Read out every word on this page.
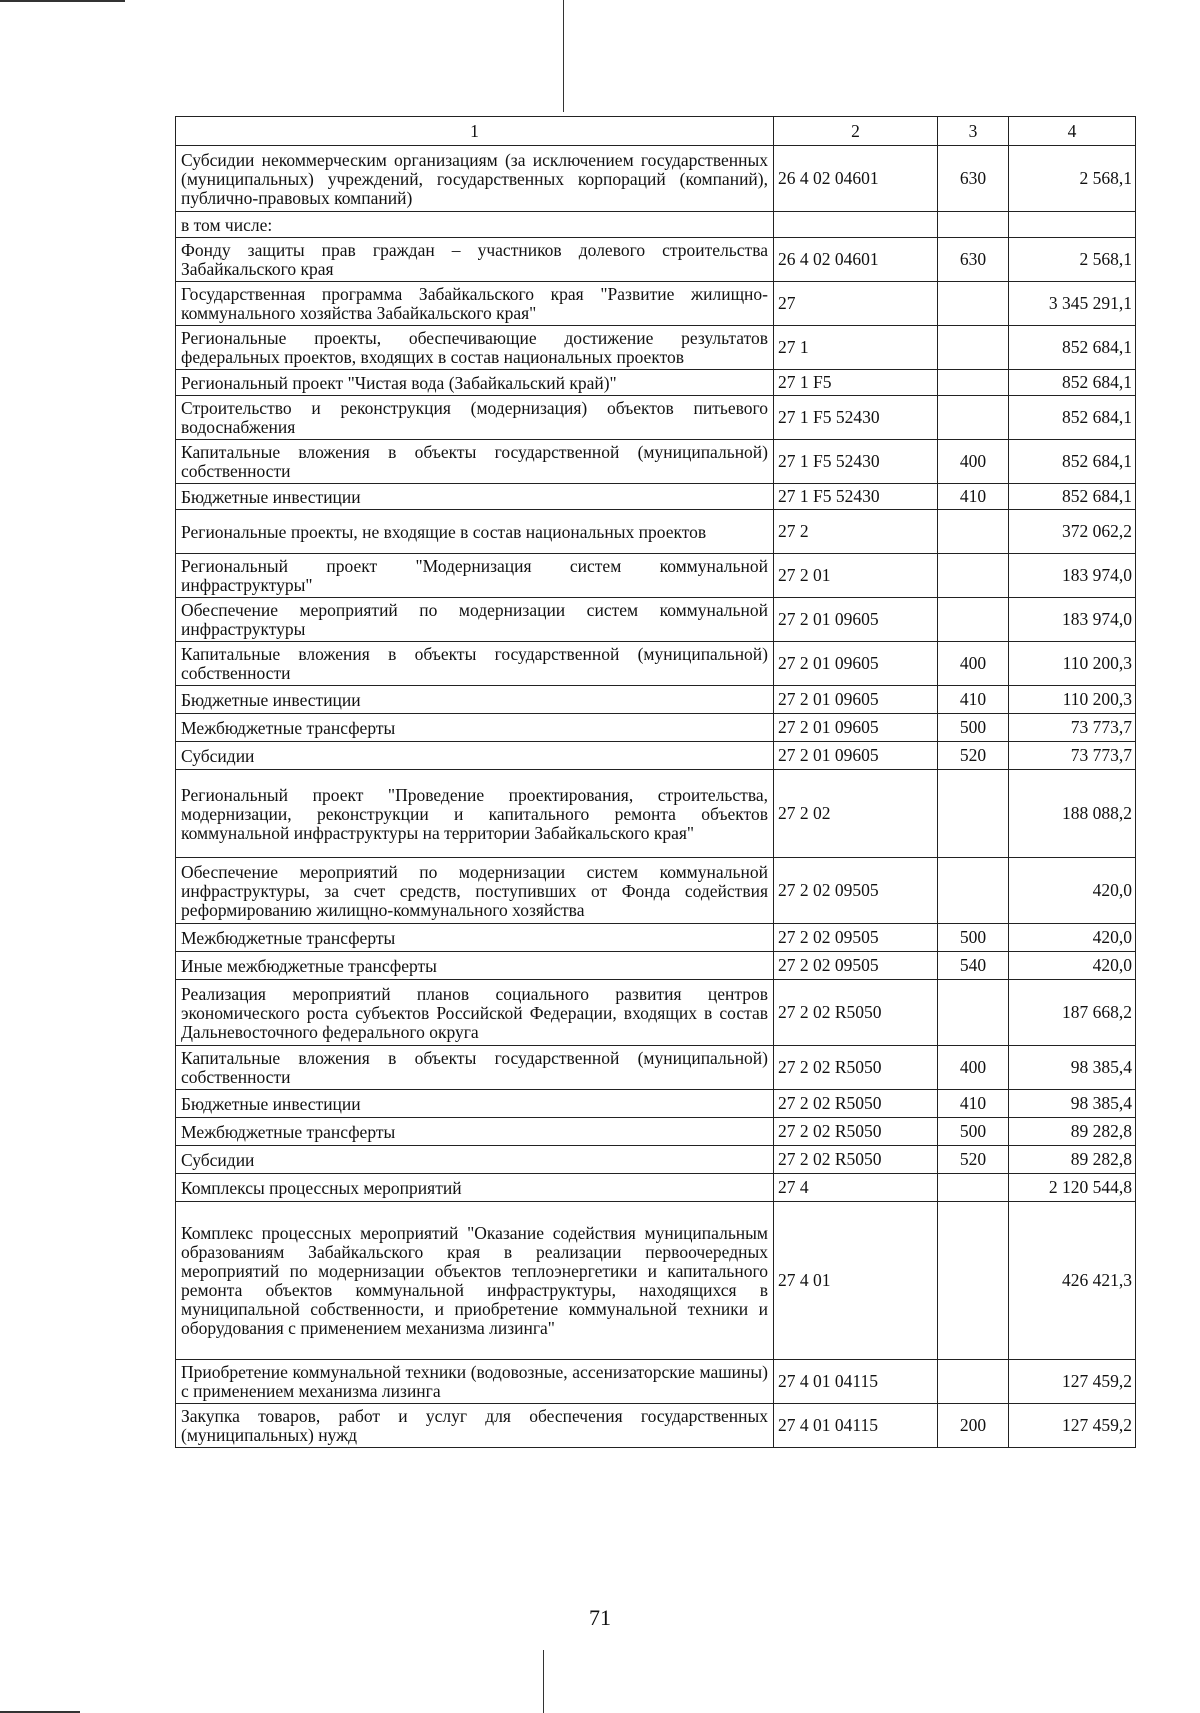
1	2	3	4
Субсидии некоммерческим организациям (за исключением государственных (муниципальных) учреждений, государственных корпораций (компаний), публично-правовых компаний)	26 4 02 04601	630	2 568,1
в том числе:			
Фонду защиты прав граждан – участников долевого строительства Забайкальского края	26 4 02 04601	630	2 568,1
Государственная программа Забайкальского края "Развитие жилищно-коммунального хозяйства Забайкальского края"	27		3 345 291,1
Региональные проекты, обеспечивающие достижение результатов федеральных проектов, входящих в состав национальных проектов	27 1		852 684,1
Региональный проект "Чистая вода (Забайкальский край)"	27 1 F5		852 684,1
Строительство и реконструкция (модернизация) объектов питьевого водоснабжения	27 1 F5 52430		852 684,1
Капитальные вложения в объекты государственной (муниципальной) собственности	27 1 F5 52430	400	852 684,1
Бюджетные инвестиции	27 1 F5 52430	410	852 684,1
Региональные проекты, не входящие в состав национальных проектов	27 2		372 062,2
Региональный проект "Модернизация систем коммунальной инфраструктуры"	27 2 01		183 974,0
Обеспечение мероприятий по модернизации систем коммунальной инфраструктуры	27 2 01 09605		183 974,0
Капитальные вложения в объекты государственной (муниципальной) собственности	27 2 01 09605	400	110 200,3
Бюджетные инвестиции	27 2 01 09605	410	110 200,3
Межбюджетные трансферты	27 2 01 09605	500	73 773,7
Субсидии	27 2 01 09605	520	73 773,7
Региональный проект "Проведение проектирования, строительства, модернизации, реконструкции и капитального ремонта объектов коммунальной инфраструктуры на территории Забайкальского края"	27 2 02		188 088,2
Обеспечение мероприятий по модернизации систем коммунальной инфраструктуры, за счет средств, поступивших от Фонда содействия реформированию жилищно-коммунального хозяйства	27 2 02 09505		420,0
Межбюджетные трансферты	27 2 02 09505	500	420,0
Иные межбюджетные трансферты	27 2 02 09505	540	420,0
Реализация мероприятий планов социального развития центров экономического роста субъектов Российской Федерации, входящих в состав Дальневосточного федерального округа	27 2 02 R5050		187 668,2
Капитальные вложения в объекты государственной (муниципальной) собственности	27 2 02 R5050	400	98 385,4
Бюджетные инвестиции	27 2 02 R5050	410	98 385,4
Межбюджетные трансферты	27 2 02 R5050	500	89 282,8
Субсидии	27 2 02 R5050	520	89 282,8
Комплексы процессных мероприятий	27 4		2 120 544,8
Комплекс процессных мероприятий "Оказание содействия муниципальным образованиям Забайкальского края в реализации первоочередных мероприятий по модернизации объектов теплоэнергетики и капитального ремонта объектов коммунальной инфраструктуры, находящихся в муниципальной собственности, и приобретение коммунальной техники и оборудования с применением механизма лизинга"	27 4 01		426 421,3
Приобретение коммунальной техники (водовозные, ассенизаторские машины) с применением механизма лизинга	27 4 01 04115		127 459,2
Закупка товаров, работ и услуг для обеспечения государственных (муниципальных) нужд	27 4 01 04115	200	127 459,2
71
